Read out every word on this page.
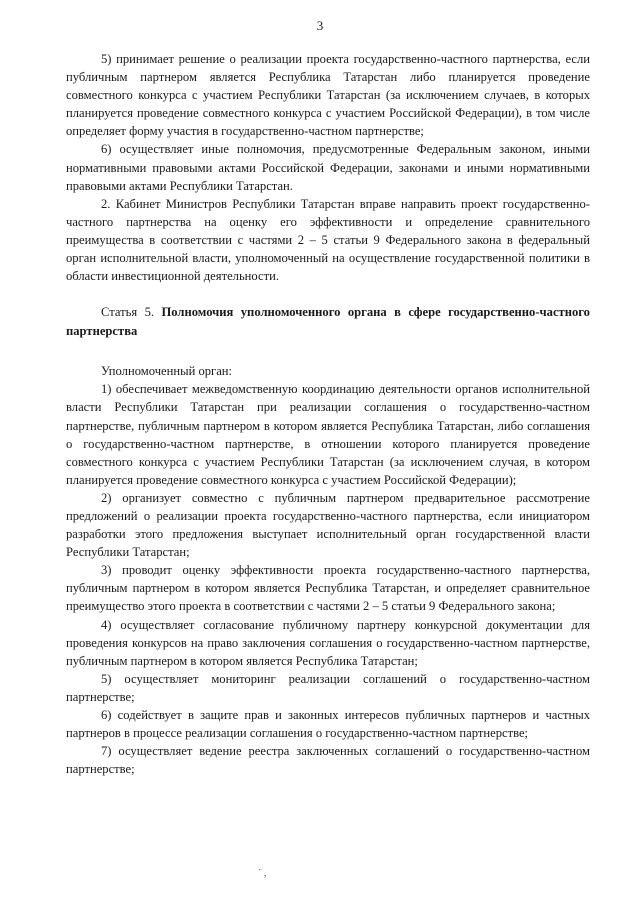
3

5) принимает решение о реализации проекта государственно-частного партнерства, если публичным партнером является Республика Татарстан либо планируется проведение совместного конкурса с участием Республики Татарстан (за исключением случаев, в которых планируется проведение совместного конкурса с участием Российской Федерации), в том числе определяет форму участия в государственно-частном партнерстве;

6) осуществляет иные полномочия, предусмотренные Федеральным законом, иными нормативными правовыми актами Российской Федерации, законами и иными нормативными правовыми актами Республики Татарстан.

2. Кабинет Министров Республики Татарстан вправе направить проект государственно-частного партнерства на оценку его эффективности и определение сравнительного преимущества в соответствии с частями 2 – 5 статьи 9 Федерального закона в федеральный орган исполнительной власти, уполномоченный на осуществление государственной политики в области инвестиционной деятельности.

Статья 5. Полномочия уполномоченного органа в сфере государственно-частного партнерства

Уполномоченный орган:

1) обеспечивает межведомственную координацию деятельности органов исполнительной власти Республики Татарстан при реализации соглашения о государственно-частном партнерстве, публичным партнером в котором является Республика Татарстан, либо соглашения о государственно-частном партнерстве, в отношении которого планируется проведение совместного конкурса с участием Республики Татарстан (за исключением случая, в котором планируется проведение совместного конкурса с участием Российской Федерации);

2) организует совместно с публичным партнером предварительное рассмотрение предложений о реализации проекта государственно-частного партнерства, если инициатором разработки этого предложения выступает исполнительный орган государственной власти Республики Татарстан;

3) проводит оценку эффективности проекта государственно-частного партнерства, публичным партнером в котором является Республика Татарстан, и определяет сравнительное преимущество этого проекта в соответствии с частями 2 – 5 статьи 9 Федерального закона;

4) осуществляет согласование публичному партнеру конкурсной документации для проведения конкурсов на право заключения соглашения о государственно-частном партнерстве, публичным партнером в котором является Республика Татарстан;

5) осуществляет мониторинг реализации соглашений о государственно-частном партнерстве;

6) содействует в защите прав и законных интересов публичных партнеров и частных партнеров в процессе реализации соглашения о государственно-частном партнерстве;

7) осуществляет ведение реестра заключенных соглашений о государственно-частном партнерстве;

˙ ,
